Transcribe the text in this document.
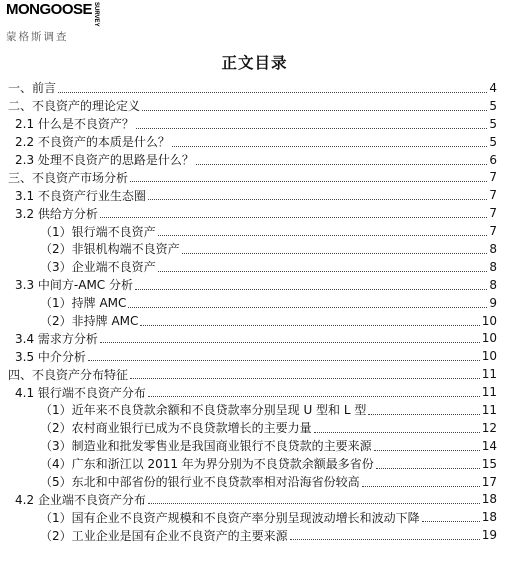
MONGOOSE SURVEY
蒙格斯调查
正文目录
一、前言	4
二、不良资产的理论定义	5
2.1 什么是不良资产？	5
2.2 不良资产的本质是什么？	5
2.3 处理不良资产的思路是什么？	6
三、不良资产市场分析	7
3.1 不良资产行业生态圈	7
3.2 供给方分析	7
（1）银行端不良资产	7
（2）非银机构端不良资产	8
（3）企业端不良资产	8
3.3 中间方-AMC 分析	8
（1）持牌 AMC	9
（2）非持牌 AMC	10
3.4 需求方分析	10
3.5 中介分析	10
四、不良资产分布特征	11
4.1 银行端不良资产分布	11
（1）近年来不良贷款余额和不良贷款率分别呈现 U 型和 L 型	11
（2）农村商业银行已成为不良贷款增长的主要力量	12
（3）制造业和批发零售业是我国商业银行不良贷款的主要来源	14
（4）广东和浙江以 2011 年为界分别为不良贷款余额最多省份	15
（5）东北和中部省份的银行业不良贷款率相对沿海省份较高	17
4.2 企业端不良资产分布	18
（1）国有企业不良资产规模和不良资产率分别呈现波动增长和波动下降	18
（2）工业企业是国有企业不良资产的主要来源	19
